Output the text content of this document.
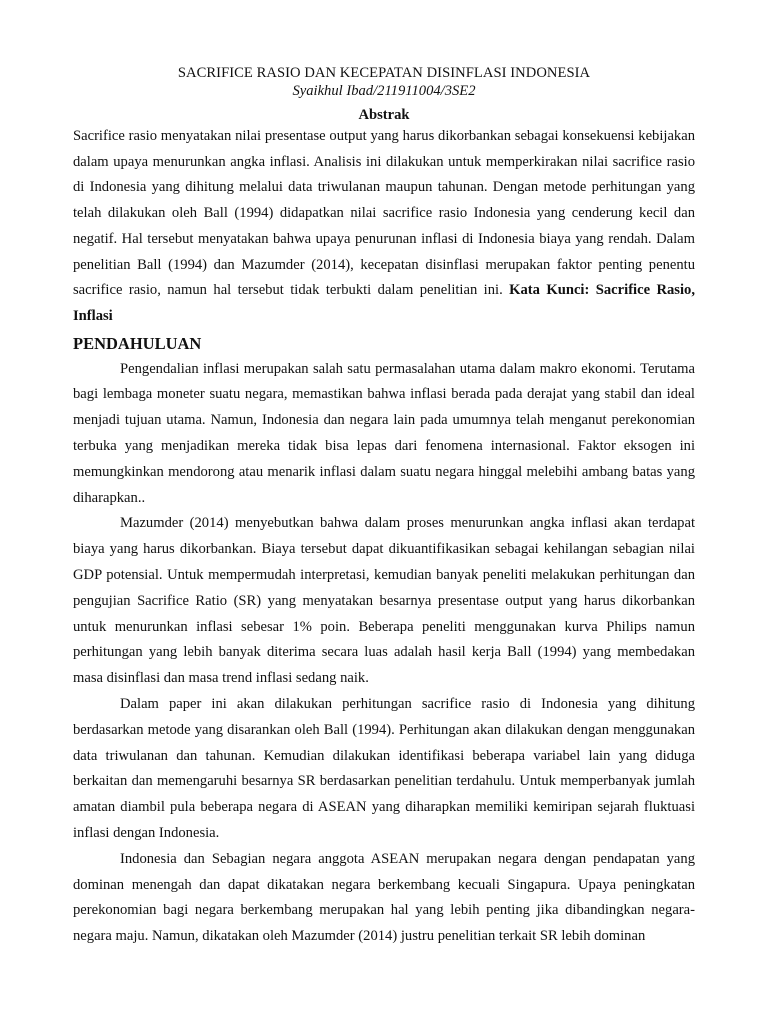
SACRIFICE RASIO DAN KECEPATAN DISINFLASI INDONESIA

Syaikhul Ibad/211911004/3SE2

Abstrak

Sacrifice rasio menyatakan nilai presentase output yang harus dikorbankan sebagai konsekuensi kebijakan dalam upaya menurunkan angka inflasi. Analisis ini dilakukan untuk memperkirakan nilai sacrifice rasio di Indonesia yang dihitung melalui data triwulanan maupun tahunan. Dengan metode perhitungan yang telah dilakukan oleh Ball (1994) didapatkan nilai sacrifice rasio Indonesia yang cenderung kecil dan negatif. Hal tersebut menyatakan bahwa upaya penurunan inflasi di Indonesia biaya yang rendah. Dalam penelitian Ball (1994) dan Mazumder (2014), kecepatan disinflasi merupakan faktor penting penentu sacrifice rasio, namun hal tersebut tidak terbukti dalam penelitian ini. Kata Kunci: Sacrifice Rasio, Inflasi

PENDAHULUAN

Pengendalian inflasi merupakan salah satu permasalahan utama dalam makro ekonomi. Terutama bagi lembaga moneter suatu negara, memastikan bahwa inflasi berada pada derajat yang stabil dan ideal menjadi tujuan utama. Namun, Indonesia dan negara lain pada umumnya telah menganut perekonomian terbuka yang menjadikan mereka tidak bisa lepas dari fenomena internasional. Faktor eksogen ini memungkinkan mendorong atau menarik inflasi dalam suatu negara hinggal melebihi ambang batas yang diharapkan..

Mazumder (2014) menyebutkan bahwa dalam proses menurunkan angka inflasi akan terdapat biaya yang harus dikorbankan. Biaya tersebut dapat dikuantifikasikan sebagai kehilangan sebagian nilai GDP potensial. Untuk mempermudah interpretasi, kemudian banyak peneliti melakukan perhitungan dan pengujian Sacrifice Ratio (SR) yang menyatakan besarnya presentase output yang harus dikorbankan untuk menurunkan inflasi sebesar 1% poin. Beberapa peneliti menggunakan kurva Philips namun perhitungan yang lebih banyak diterima secara luas adalah hasil kerja Ball (1994) yang membedakan masa disinflasi dan masa trend inflasi sedang naik.

Dalam paper ini akan dilakukan perhitungan sacrifice rasio di Indonesia yang dihitung berdasarkan metode yang disarankan oleh Ball (1994). Perhitungan akan dilakukan dengan menggunakan data triwulanan dan tahunan. Kemudian dilakukan identifikasi beberapa variabel lain yang diduga berkaitan dan memengaruhi besarnya SR berdasarkan penelitian terdahulu. Untuk memperbanyak jumlah amatan diambil pula beberapa negara di ASEAN yang diharapkan memiliki kemiripan sejarah fluktuasi inflasi dengan Indonesia.

Indonesia dan Sebagian negara anggota ASEAN merupakan negara dengan pendapatan yang dominan menengah dan dapat dikatakan negara berkembang kecuali Singapura. Upaya peningkatan perekonomian bagi negara berkembang merupakan hal yang lebih penting jika dibandingkan negara-negara maju. Namun, dikatakan oleh Mazumder (2014) justru penelitian terkait SR lebih dominan
